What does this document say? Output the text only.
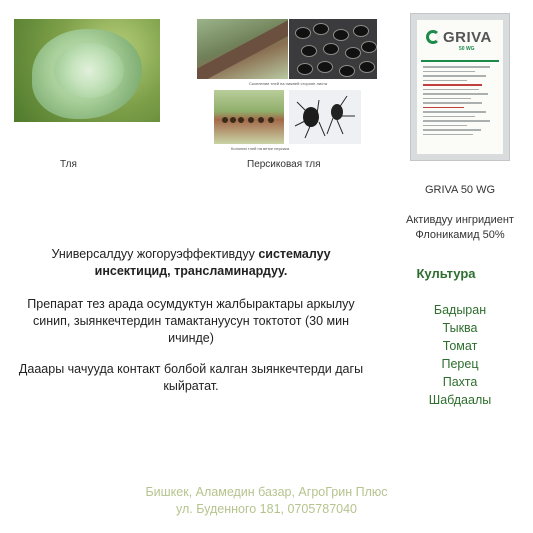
Тля
Скопление тлей на нижней стороне листа
Колонии тлей на ветке персика
Персиковая тля
GRIVA
50 WG
GRIVA 50 WG
Активдуу ингридиент
Флоникамид 50%
Универсалдуу жогоруэффективдуу системалуу инсектицид, трансламинардуу.
Препарат тез арада осумдуктун жалбырактары аркылуу синип, зыянкечтердин тамактануусун токтотот (30 мин ичинде)
Дааары чачууда контакт болбой калган зыянкечтерди дагы кыйратат.
Культура
Бадыран
Тыква
Томат
Перец
Пахта
Шабдаалы
Бишкек, Аламедин базар, АгроГрин Плюс
ул. Буденного 181, 0705787040
